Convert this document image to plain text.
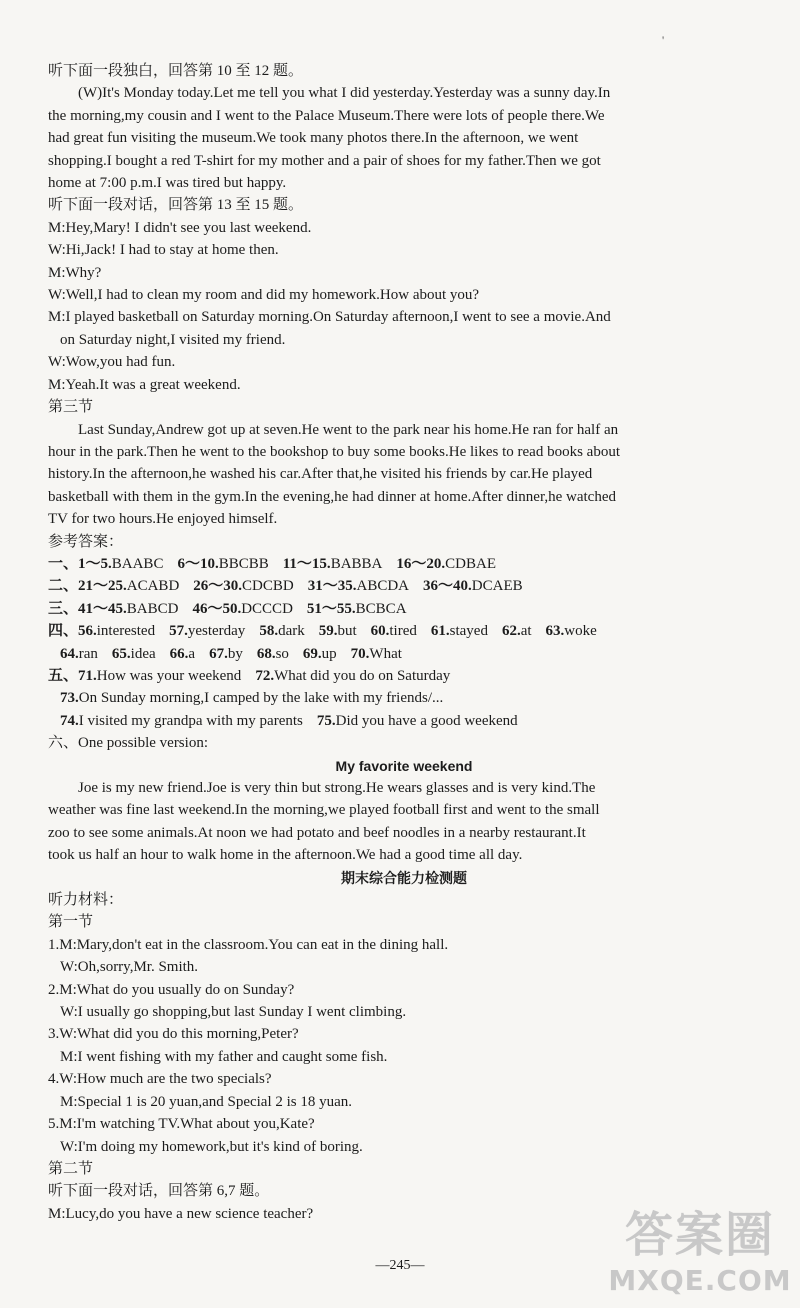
'
听下面一段独白，回答第 10 至 12 题。
(W)It's Monday today.Let me tell you what I did yesterday.Yesterday was a sunny day.In
the morning,my cousin and I went to the Palace Museum.There were lots of people there.We
had great fun visiting the museum.We took many photos there.In the afternoon, we went
shopping.I bought a red T-shirt for my mother and a pair of shoes for my father.Then we got
home at 7:00 p.m.I was tired but happy.
听下面一段对话，回答第 13 至 15 题。
M:Hey,Mary! I didn't see you last weekend.
W:Hi,Jack! I had to stay at home then.
M:Why?
W:Well,I had to clean my room and did my homework.How about you?
M:I played basketball on Saturday morning.On Saturday afternoon,I went to see a movie.And
on Saturday night,I visited my friend.
W:Wow,you had fun.
M:Yeah.It was a great weekend.
第三节
Last Sunday,Andrew got up at seven.He went to the park near his home.He ran for half an
hour in the park.Then he went to the bookshop to buy some books.He likes to read books about
history.In the afternoon,he washed his car.After that,he visited his friends by car.He played
basketball with them in the gym.In the evening,he had dinner at home.After dinner,he watched
TV for two hours.He enjoyed himself.
参考答案：
一、1～5.BAABC 6～10.BBCBB 11～15.BABBA 16～20.CDBAE
二、21～25.ACABD 26～30.CDCBD 31～35.ABCDA 36～40.DCAEB
三、41～45.BABCD 46～50.DCCCD 51～55.BCBCA
四、56.interested 57.yesterday 58.dark 59.but 60.tired 61.stayed 62.at 63.woke
64.ran 65.idea 66.a 67.by 68.so 69.up 70.What
五、71.How was your weekend 72.What did you do on Saturday
73.On Sunday morning,I camped by the lake with my friends/...
74.I visited my grandpa with my parents 75.Did you have a good weekend
六、One possible version:
My favorite weekend
Joe is my new friend.Joe is very thin but strong.He wears glasses and is very kind.The
weather was fine last weekend.In the morning,we played football first and went to the small
zoo to see some animals.At noon we had potato and beef noodles in a nearby restaurant.It
took us half an hour to walk home in the afternoon.We had a good time all day.
期末综合能力检测题
听力材料：
第一节
1.M:Mary,don't eat in the classroom.You can eat in the dining hall.
W:Oh,sorry,Mr. Smith.
2.M:What do you usually do on Sunday?
W:I usually go shopping,but last Sunday I went climbing.
3.W:What did you do this morning,Peter?
M:I went fishing with my father and caught some fish.
4.W:How much are the two specials?
M:Special 1 is 20 yuan,and Special 2 is 18 yuan.
5.M:I'm watching TV.What about you,Kate?
W:I'm doing my homework,but it's kind of boring.
第二节
听下面一段对话，回答第 6,7 题。
M:Lucy,do you have a new science teacher?
—245—
答案圈
MXQE.COM
